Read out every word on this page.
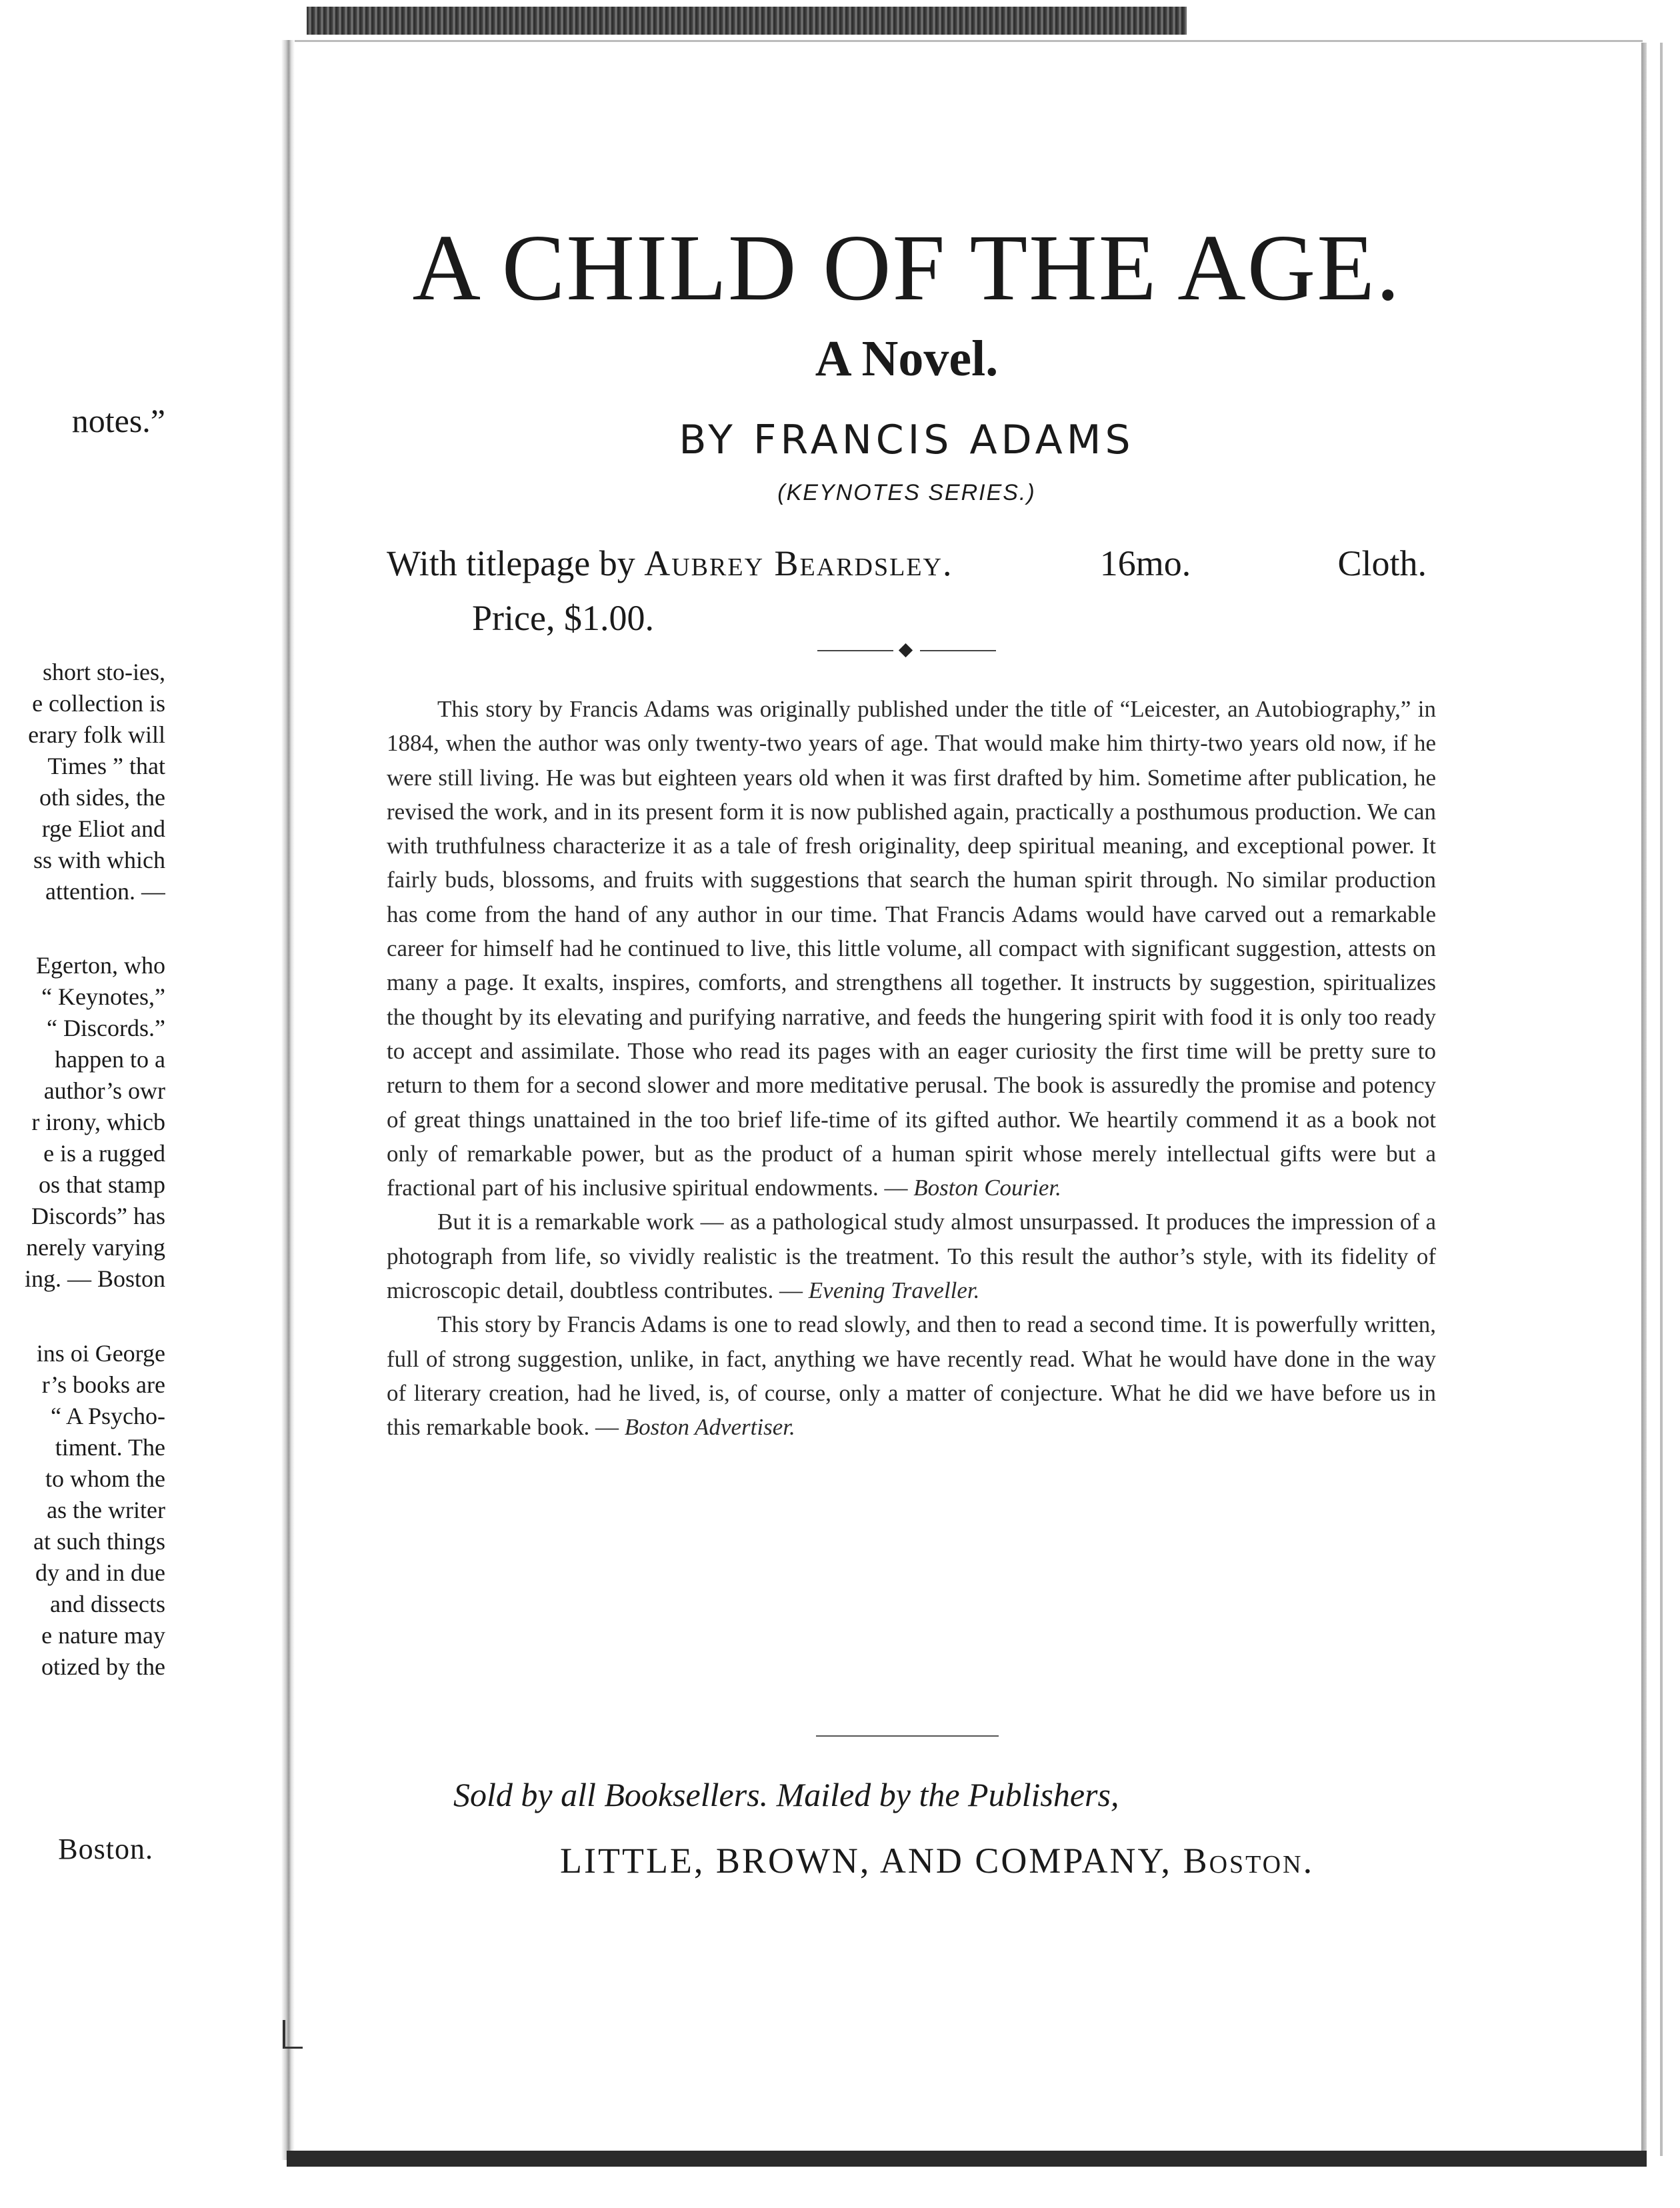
notes.”
short sto-ies,
e collection is
erary folk will
Times ” that
oth sides, the
rge Eliot and
ss with which
attention. —
Egerton, who
“ Keynotes,”
“ Discords.”
happen to a
author’s owr
r irony, whicb
e is a rugged
os that stamp
Discords” has
nerely varying
ing. — Boston
ins oi George
r’s books are
“ A Psycho-
timent. The
to whom the
as the writer
at such things
dy and in due
and dissects
e nature may
otized by the
Boston.
A CHILD OF THE AGE.
A Novel.
BY FRANCIS ADAMS
(KEYNOTES SERIES.)
With titlepage by Aubrey Beardsley.	16mo.	Cloth.
Price, $1.00.

This story by Francis Adams was originally published under the title of “Leicester, an Autobiography,” in 1884, when the author was only twenty-two years of age. That would make him thirty-two years old now, if he were still living. He was but eighteen years old when it was first drafted by him. Sometime after publication, he revised the work, and in its present form it is now published again, practically a posthumous production. We can with truthfulness characterize it as a tale of fresh originality, deep spiritual meaning, and exceptional power. It fairly buds, blossoms, and fruits with suggestions that search the human spirit through. No similar production has come from the hand of any author in our time. That Francis Adams would have carved out a remarkable career for himself had he continued to live, this little volume, all compact with significant suggestion, attests on many a page. It exalts, inspires, comforts, and strengthens all together. It instructs by suggestion, spiritualizes the thought by its elevating and purifying narrative, and feeds the hungering spirit with food it is only too ready to accept and assimilate. Those who read its pages with an eager curiosity the first time will be pretty sure to return to them for a second slower and more meditative perusal. The book is assuredly the promise and potency of great things unattained in the too brief life-time of its gifted author. We heartily commend it as a book not only of remarkable power, but as the product of a human spirit whose merely intellectual gifts were but a fractional part of his inclusive spiritual endowments. — Boston Courier.

But it is a remarkable work — as a pathological study almost unsurpassed. It produces the impression of a photograph from life, so vividly realistic is the treatment. To this result the author’s style, with its fidelity of microscopic detail, doubtless contributes. — Evening Traveller.

This story by Francis Adams is one to read slowly, and then to read a second time. It is powerfully written, full of strong suggestion, unlike, in fact, anything we have recently read. What he would have done in the way of literary creation, had he lived, is, of course, only a matter of conjecture. What he did we have before us in this remarkable book. — Boston Advertiser.

Sold by all Booksellers. Mailed by the Publishers,
LITTLE, BROWN, AND COMPANY, Boston.
